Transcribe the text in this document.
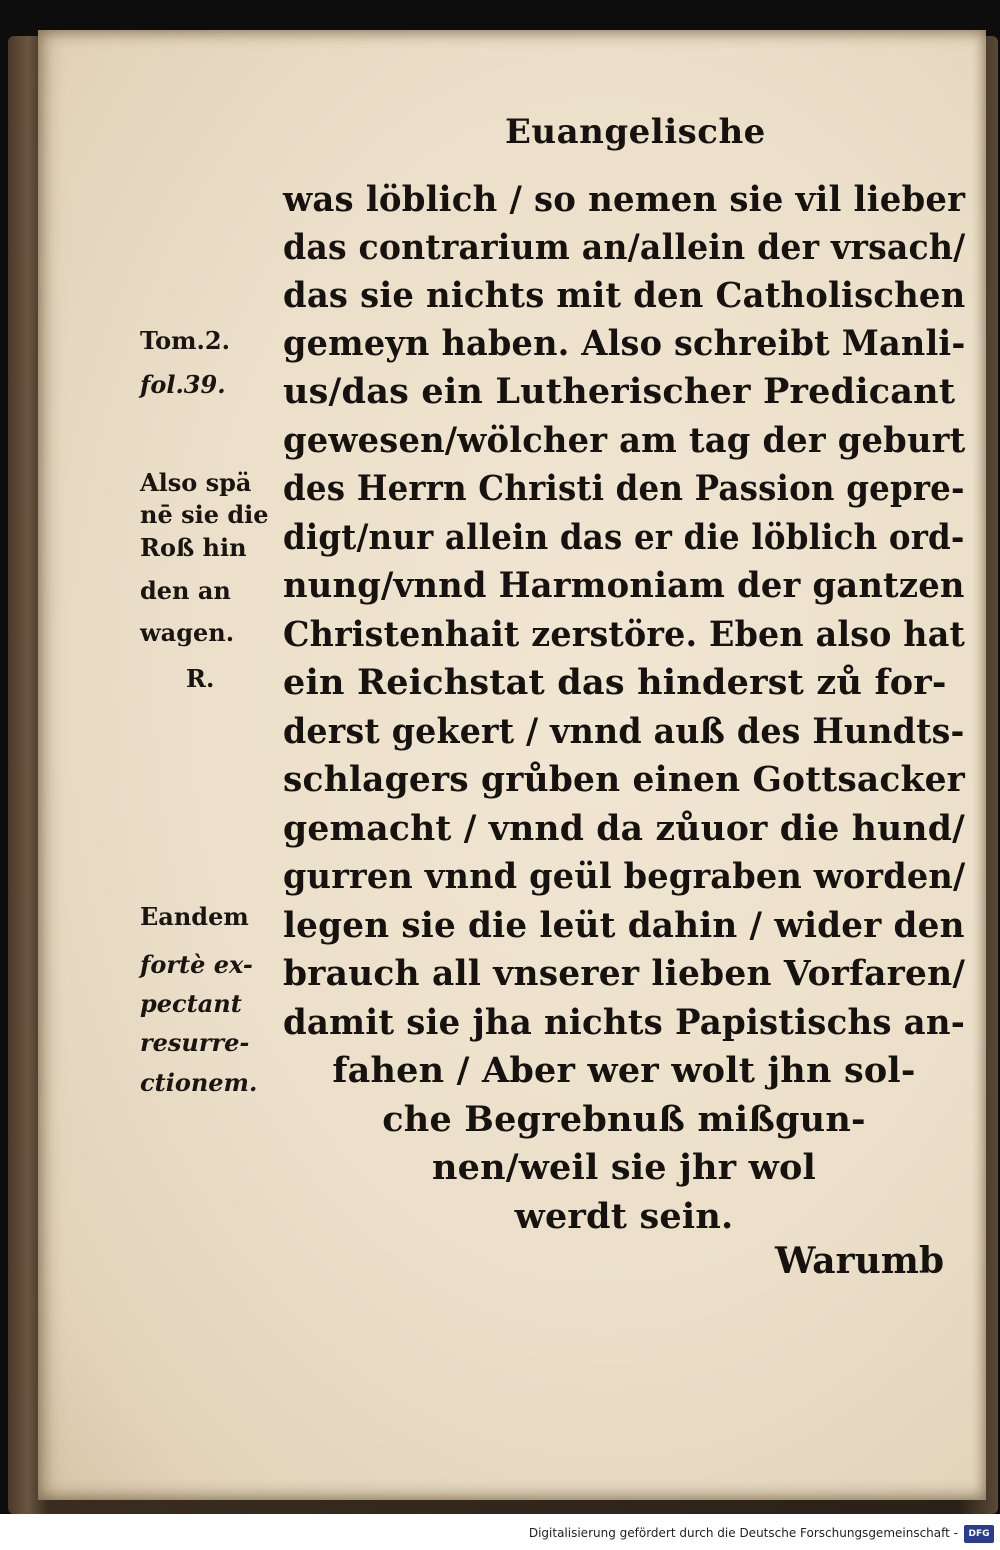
Euangelische
was löblich / so nemen sie vil lieber
das contrarium an/allein der vrsach/
das sie nichts mit den Catholischen
gemeyn haben. Also schreibt Manli-
us/das ein Lutherischer Predicant
gewesen/wölcher am tag der geburt
des Herrn Christi den Passion gepre-
digt/nur allein das er die löblich ord-
nung/vnnd Harmoniam der gantzen
Christenhait zerstöre. Eben also hat
ein Reichstat das hinderst zů for-
derst gekert / vnnd auß des Hundts-
schlagers grůben einen Gottsacker
gemacht / vnnd da zůuor die hund/
gurren vnnd geül begraben worden/
legen sie die leüt dahin / wider den
brauch all vnserer lieben Vorfaren/
damit sie jha nichts Papistischs an-
fahen / Aber wer wolt jhn sol-
che Begrebnuß mißgun-
nen/weil sie jhr wol
werdt sein.
Warumb
Tom.2.
fol.39.
Also spä
nē sie die
Roß hin
den an
wagen.
R.
Eandem
fortè ex-
pectant
resurre-
ctionem.
Digitalisierung gefördert durch die Deutsche Forschungsgemeinschaft -	DFG
